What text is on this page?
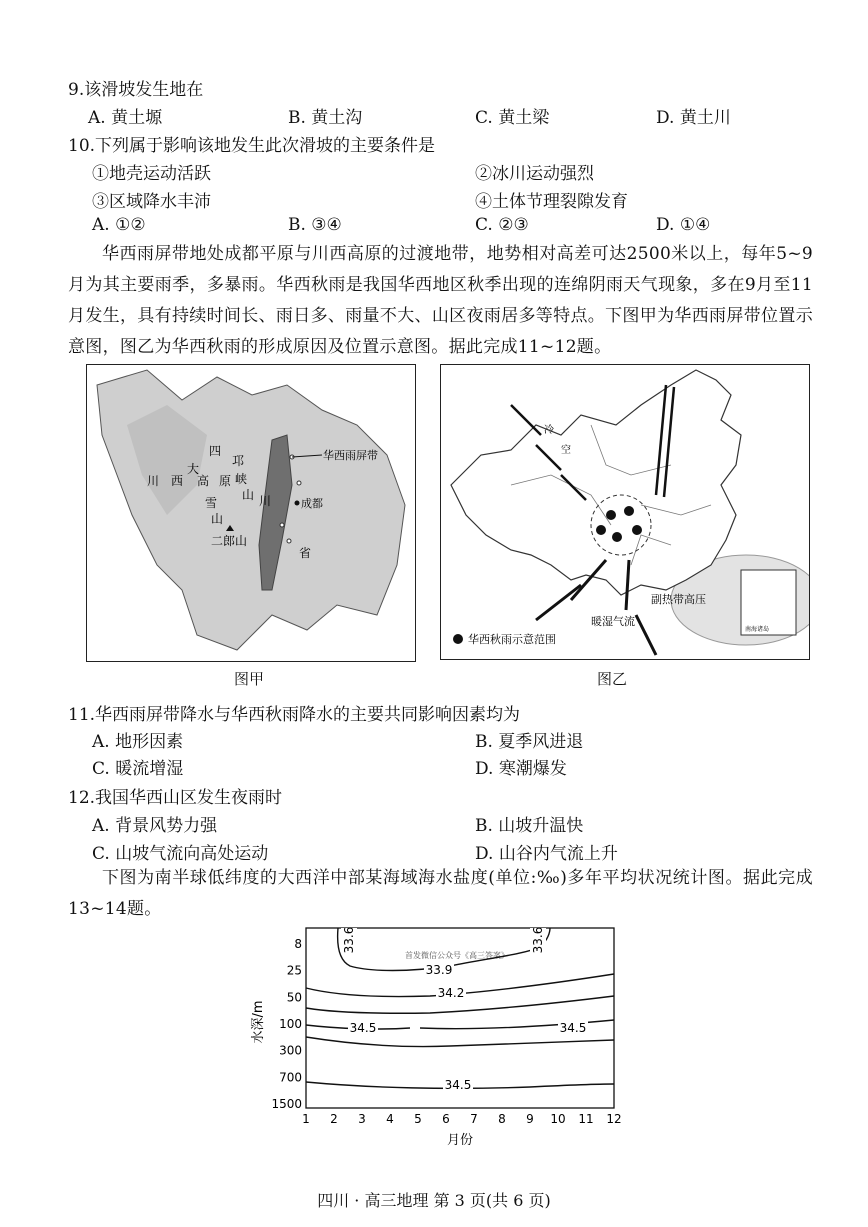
9.该滑坡发生地在
A. 黄土塬	B. 黄土沟	C. 黄土梁	D. 黄土川
10.下列属于影响该地发生此次滑坡的主要条件是
①地壳运动活跃	②冰川运动强烈
③区域降水丰沛	④土体节理裂隙发育
A. ①②	B. ③④	C. ②③	D. ①④
华西雨屏带地处成都平原与川西高原的过渡地带，地势相对高差可达2500米以上，每年5~9月为其主要雨季，多暴雨。华西秋雨是我国华西地区秋季出现的连绵阴雨天气现象，多在9月至11月发生，具有持续时间长、雨日多、雨量不大、山区夜雨居多等特点。下图甲为华西雨屏带位置示意图，图乙为华西秋雨的形成原因及位置示意图。据此完成11~12题。
华西雨屏带
成都
川 西
大
高 原
四
邛
峡
山 川
雪
山
二郎山
省
图甲
冷
空
暖湿气流
副热带高压
南海诸岛
华西秋雨示意范围
图乙
11.华西雨屏带降水与华西秋雨降水的主要共同影响因素均为
A. 地形因素	B. 夏季风进退
C. 暖流增湿	D. 寒潮爆发
12.我国华西山区发生夜雨时
A. 背景风势力强	B. 山坡升温快
C. 山坡气流向高处运动	D. 山谷内气流上升
下图为南半球低纬度的大西洋中部某海域海水盐度(单位:‰)多年平均状况统计图。据此完成13~14题。
8
25
50
100
300
700
1500
1 2 3 4 5 6 7 8 9 10 11 12
水深/m
月份
首发微信公众号《高三答案》
33.6	33.6
33.9
34.2
34.5	34.5
34.5
四川 · 高三地理 第 3 页(共 6 页)
